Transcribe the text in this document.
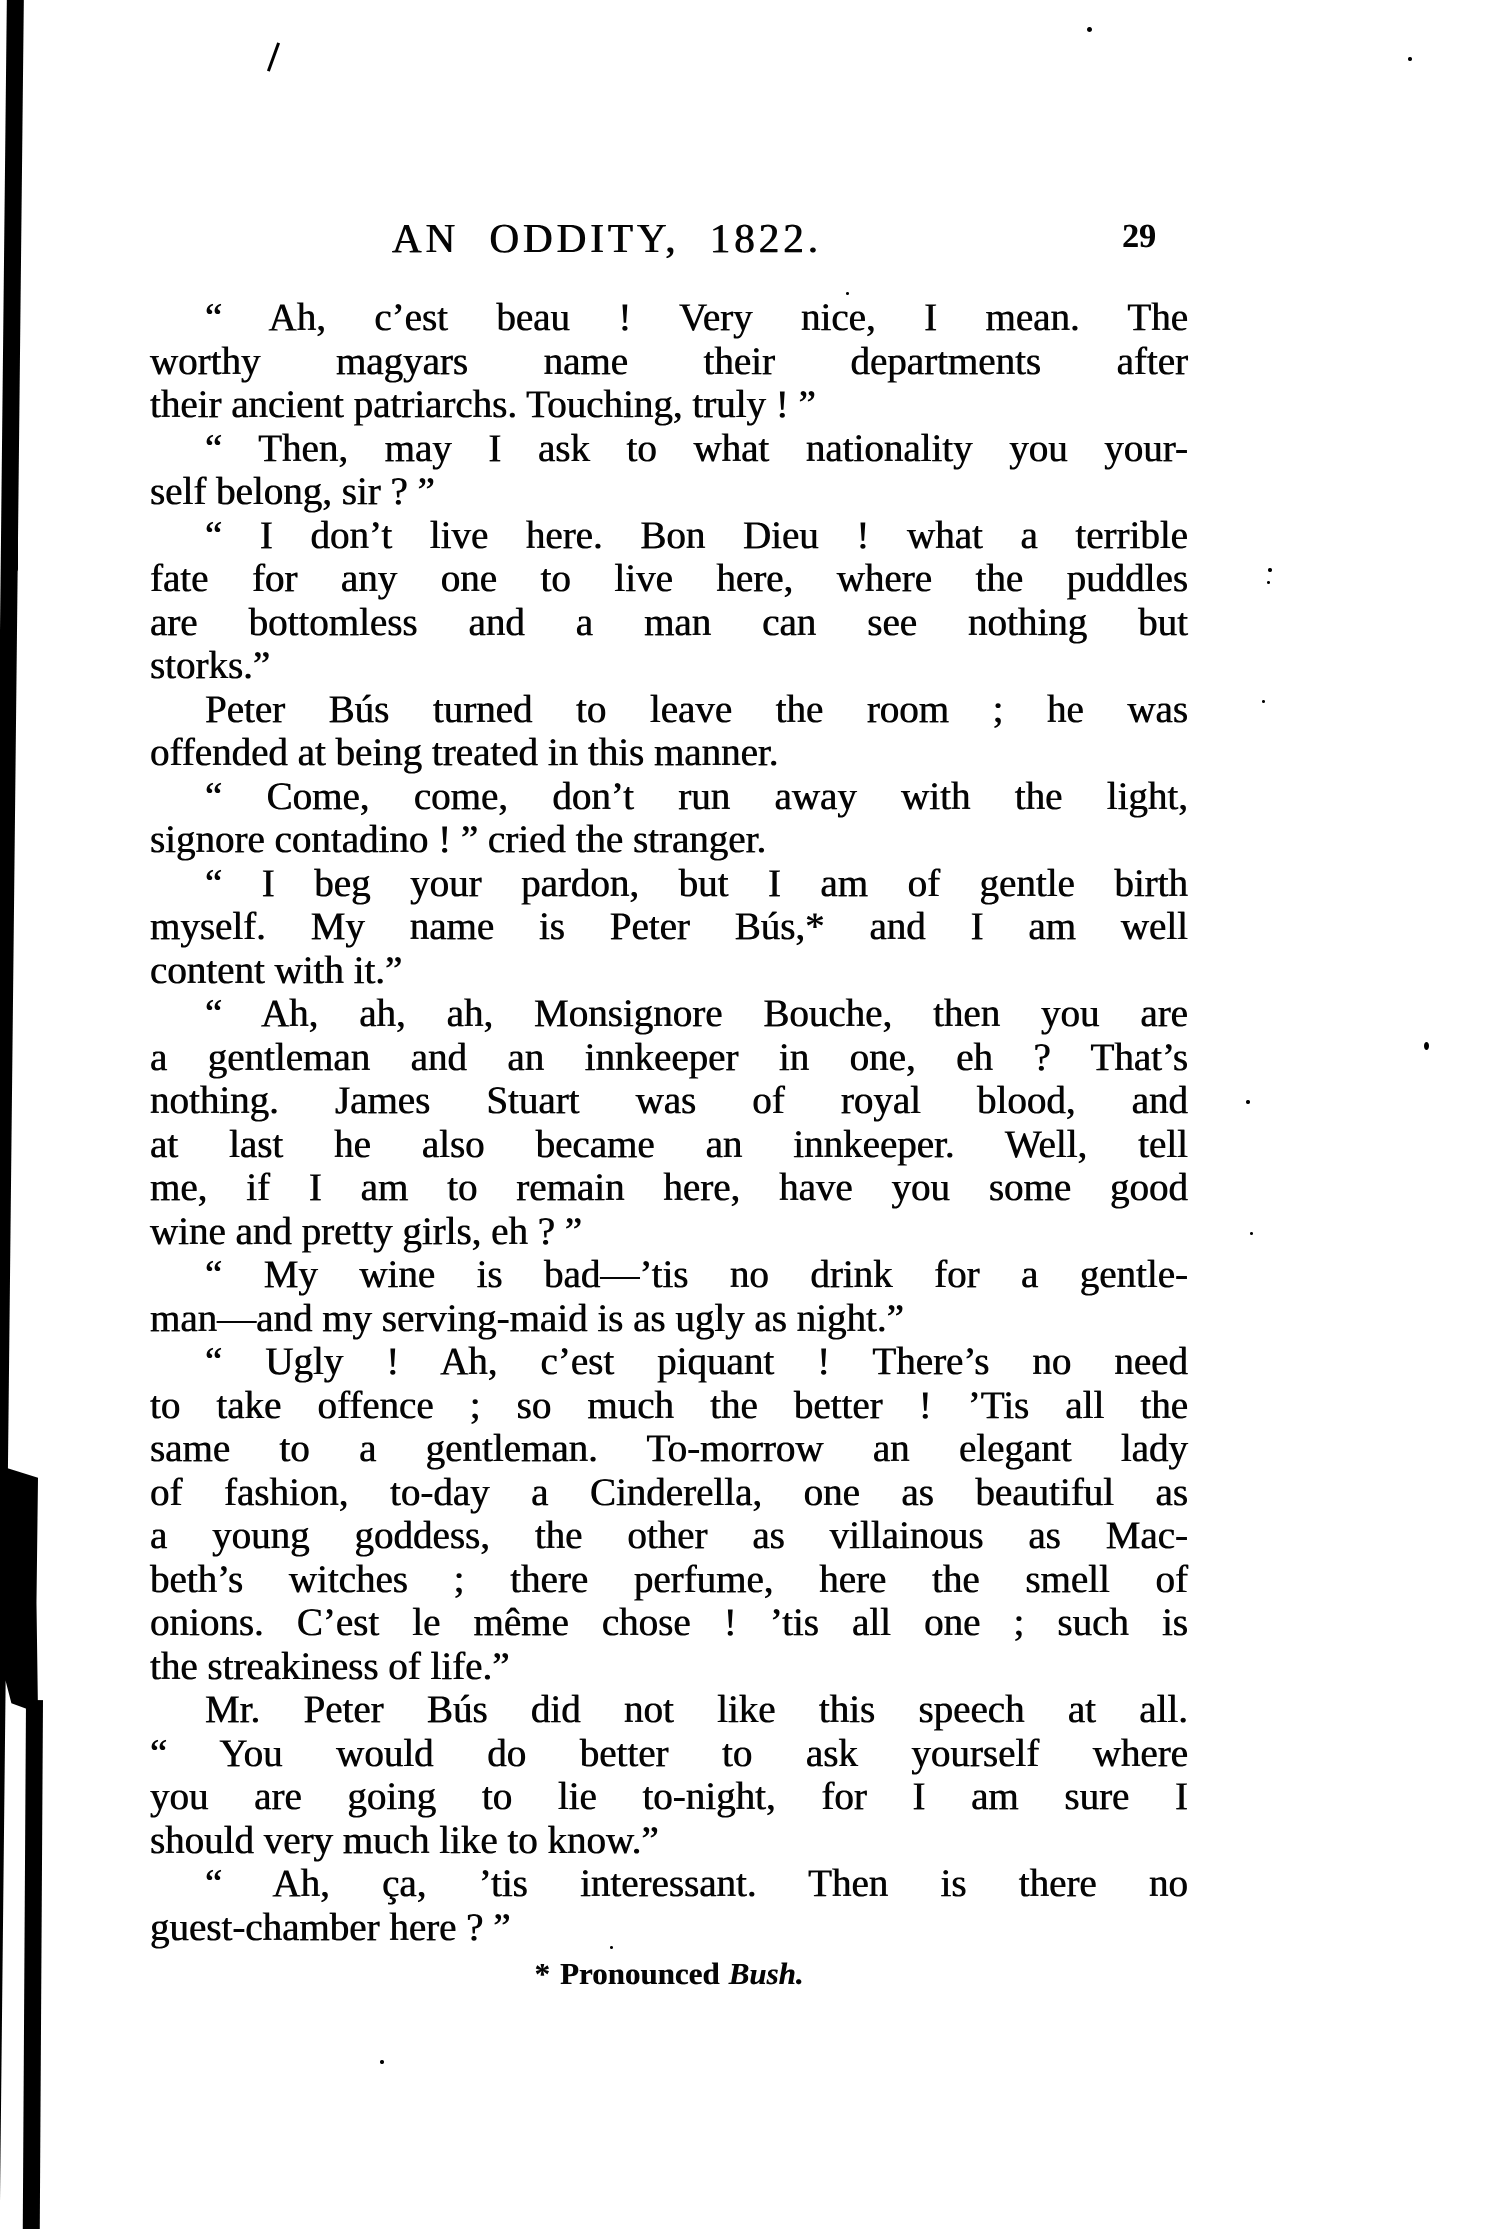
AN ODDITY, 1822.	29
“ Ah, c’est beau ! Very nice, I mean. The
worthy magyars name their departments after
their ancient patriarchs. Touching, truly ! ”
“ Then, may I ask to what nationality you your-
self belong, sir ? ”
“ I don’t live here. Bon Dieu ! what a terrible
fate for any one to live here, where the puddles
are bottomless and a man can see nothing but
storks.”
Peter Bús turned to leave the room ; he was
offended at being treated in this manner.
“ Come, come, don’t run away with the light,
signore contadino ! ” cried the stranger.
“ I beg your pardon, but I am of gentle birth
myself. My name is Peter Bús,* and I am well
content with it.”
“ Ah, ah, ah, Monsignore Bouche, then you are
a gentleman and an innkeeper in one, eh ? That’s
nothing. James Stuart was of royal blood, and
at last he also became an innkeeper. Well, tell
me, if I am to remain here, have you some good
wine and pretty girls, eh ? ”
“ My wine is bad—’tis no drink for a gentle-
man—and my serving-maid is as ugly as night.”
“ Ugly ! Ah, c’est piquant ! There’s no need
to take offence ; so much the better ! ’Tis all the
same to a gentleman. To-morrow an elegant lady
of fashion, to-day a Cinderella, one as beautiful as
a young goddess, the other as villainous as Mac-
beth’s witches ; there perfume, here the smell of
onions. C’est le même chose ! ’tis all one ; such is
the streakiness of life.”
Mr. Peter Bús did not like this speech at all.
“ You would do better to ask yourself where
you are going to lie to-night, for I am sure I
should very much like to know.”
“ Ah, ça, ’tis interessant. Then is there no
guest-chamber here ? ”
* Pronounced Bush.
